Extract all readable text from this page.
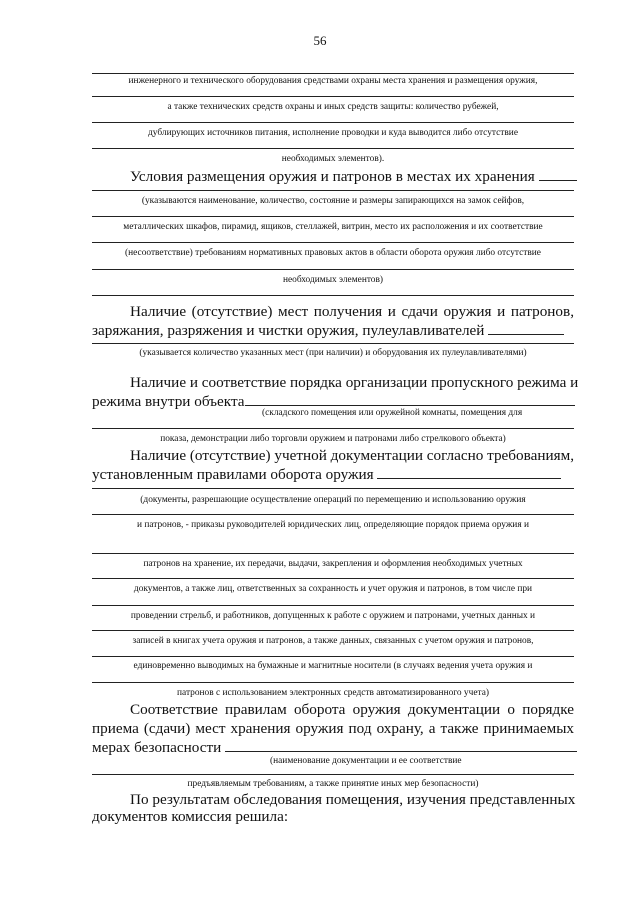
56
инженерного и технического оборудования средствами охраны места хранения и размещения оружия,
а также технических средств охраны и иных средств защиты: количество рубежей,
дублирующих источников питания, исполнение проводки и куда выводится либо отсутствие
необходимых элементов).
Условия размещения оружия и патронов в местах их хранения
(указываются наименование, количество, состояние и размеры запирающихся на замок сейфов,
металлических шкафов, пирамид, ящиков, стеллажей, витрин, место их расположения и их соответствие
(несоответствие) требованиям нормативных правовых актов в области оборота оружия либо отсутствие
необходимых элементов)
Наличие (отсутствие) мест получения и сдачи оружия и патронов,
заряжания, разряжения и чистки оружия, пулеулавливателей
(указывается количество указанных мест (при наличии) и оборудования их пулеулавливателями)
Наличие и соответствие порядка организации пропускного режима и
режима внутри объекта
(складского помещения или оружейной комнаты, помещения для
показа, демонстрации либо торговли оружием и патронами либо стрелкового объекта)
Наличие (отсутствие) учетной документации согласно требованиям,
установленным правилами оборота оружия
(документы, разрешающие осуществление операций по перемещению и использованию оружия
и патронов, - приказы руководителей юридических лиц, определяющие порядок приема оружия и
патронов на хранение, их передачи, выдачи, закрепления и оформления необходимых учетных
документов, а также лиц, ответственных за сохранность и учет оружия и патронов, в том числе при
проведении стрельб, и работников, допущенных к работе с оружием и патронами, учетных данных и
записей в книгах учета оружия и патронов, а также данных, связанных с учетом оружия и патронов,
единовременно выводимых на бумажные и магнитные носители (в случаях ведения учета оружия и
патронов с использованием электронных средств автоматизированного учета)
Соответствие правилам оборота оружия документации о порядке
приема (сдачи) мест хранения оружия под охрану, а также принимаемых
мерах безопасности
(наименование документации и ее соответствие
предъявляемым требованиям, а также принятие иных мер безопасности)
По результатам обследования помещения, изучения представленных
документов комиссия решила:
